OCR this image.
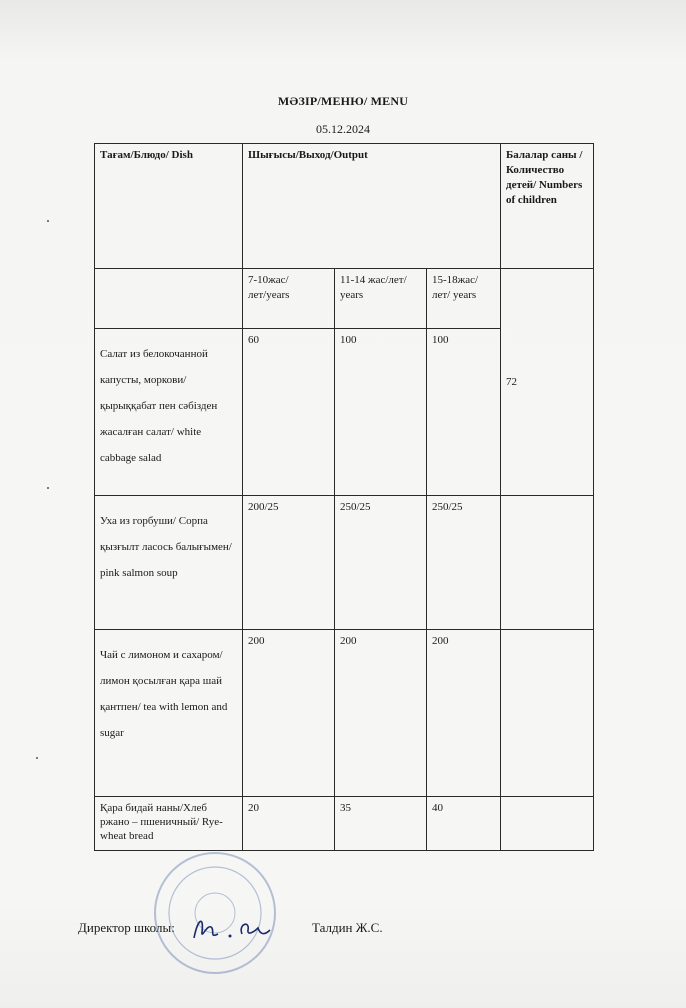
МӘЗІР/МЕНЮ/ MENU
05.12.2024
Тағам/Блюдо/ Dish	Шығысы/Выход/Output			Балалар саны /Количество детей/ Numbers of children
	7-10жас/лет/years	11-14 жас/лет/ years	15-18жас/лет/ years	72
Салат из белокочанной капусты, моркови/ қырыққабат пен сәбізден жасалған салат/ white cabbage salad	60	100	100	
Уха из горбуши/ Сорпа қызғылт ласось балығымен/ pink salmon soup	200/25	250/25	250/25	
Чай с лимоном и сахаром/ лимон қосылған қара шай қантпен/ tea with lemon and sugar	200	200	200	
Қара бидай наны/Хлеб ржано – пшеничный/ Rye-wheat bread	20	35	40	
Директор школы:	Талдин Ж.С.
